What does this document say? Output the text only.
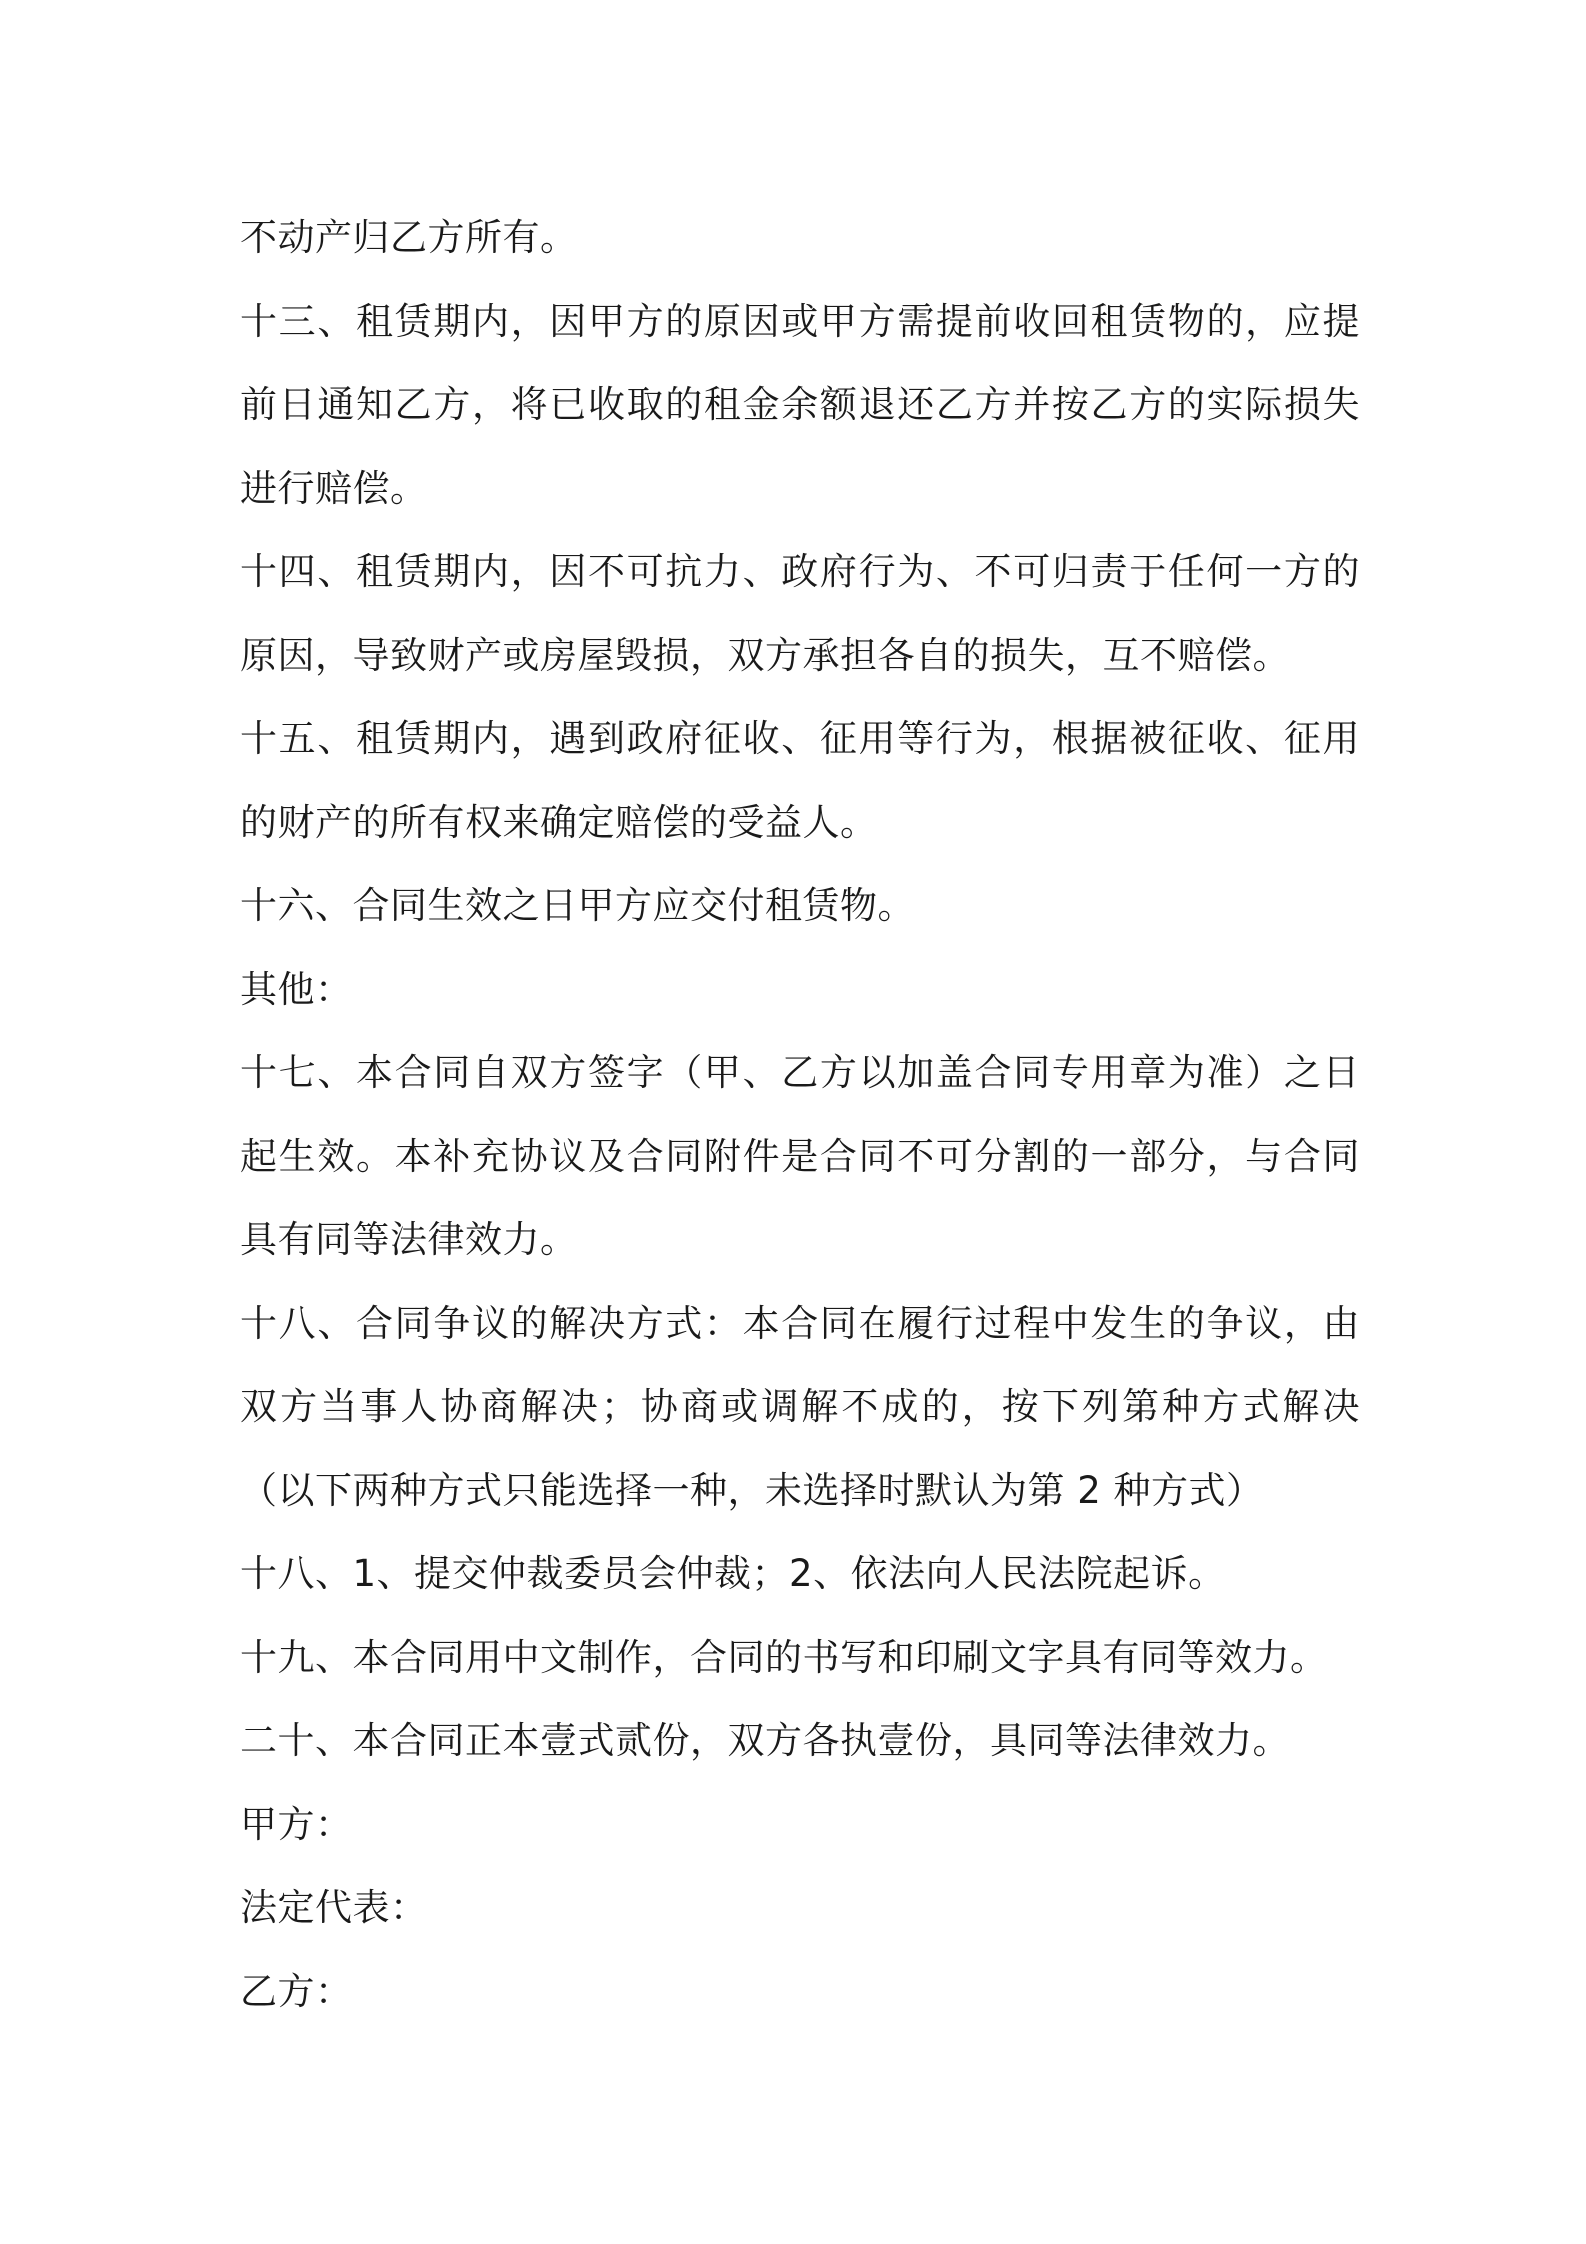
不动产归乙方所有。

十三、租赁期内，因甲方的原因或甲方需提前收回租赁物的，应提前日通知乙方，将已收取的租金余额退还乙方并按乙方的实际损失进行赔偿。

十四、租赁期内，因不可抗力、政府行为、不可归责于任何一方的原因，导致财产或房屋毁损，双方承担各自的损失，互不赔偿。

十五、租赁期内，遇到政府征收、征用等行为，根据被征收、征用的财产的所有权来确定赔偿的受益人。

十六、合同生效之日甲方应交付租赁物。

其他：

十七、本合同自双方签字（甲、乙方以加盖合同专用章为准）之日起生效。本补充协议及合同附件是合同不可分割的一部分，与合同具有同等法律效力。

十八、合同争议的解决方式：本合同在履行过程中发生的争议，由双方当事人协商解决；协商或调解不成的，按下列第种方式解决（以下两种方式只能选择一种，未选择时默认为第 2 种方式）

十八、1、提交仲裁委员会仲裁；2、依法向人民法院起诉。

十九、本合同用中文制作，合同的书写和印刷文字具有同等效力。

二十、本合同正本壹式贰份，双方各执壹份，具同等法律效力。

甲方：

法定代表：

乙方：
